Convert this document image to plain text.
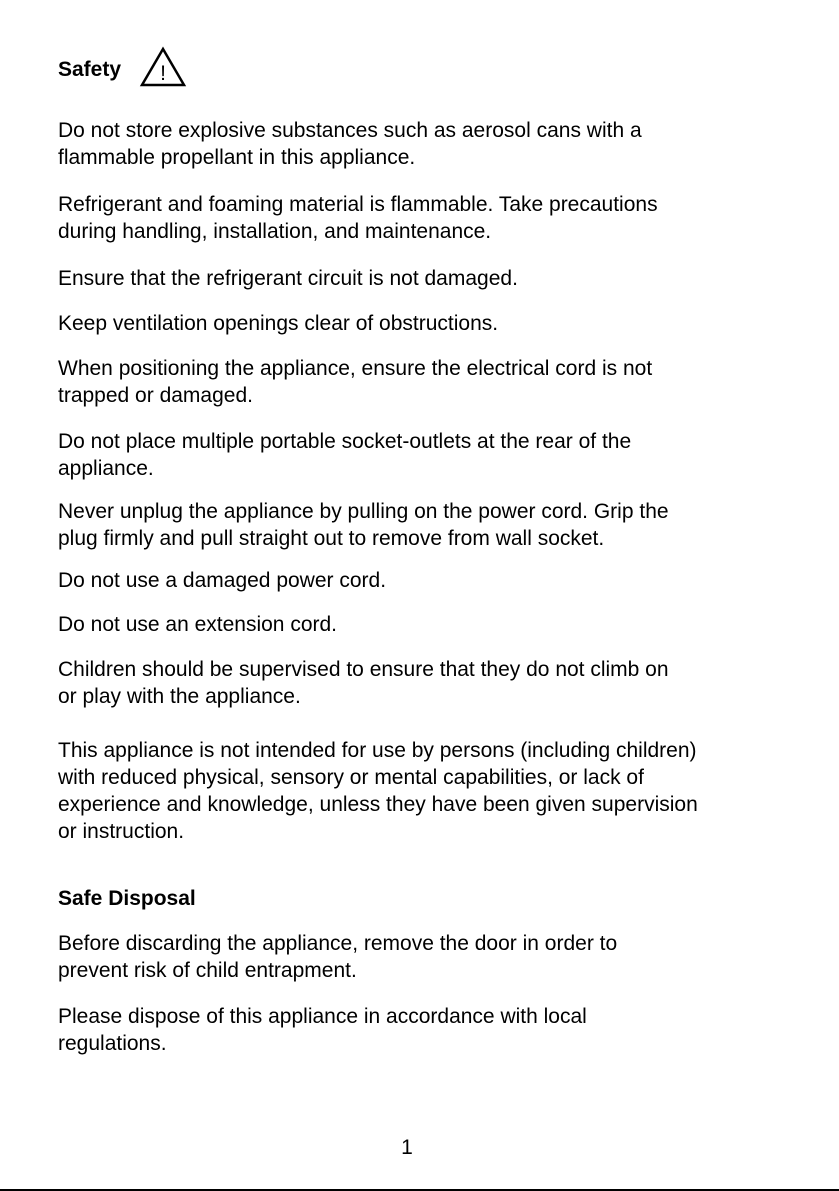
Safety !

Do not store explosive substances such as aerosol cans with a
flammable propellant in this appliance.

Refrigerant and foaming material is flammable. Take precautions
during handling, installation, and maintenance.

Ensure that the refrigerant circuit is not damaged.

Keep ventilation openings clear of obstructions.

When positioning the appliance, ensure the electrical cord is not
trapped or damaged.

Do not place multiple portable socket-outlets at the rear of the
appliance.

Never unplug the appliance by pulling on the power cord. Grip the
plug firmly and pull straight out to remove from wall socket.

Do not use a damaged power cord.

Do not use an extension cord.

Children should be supervised to ensure that they do not climb on
or play with the appliance.

This appliance is not intended for use by persons (including children)
with reduced physical, sensory or mental capabilities, or lack of
experience and knowledge, unless they have been given supervision
or instruction.

Safe Disposal

Before discarding the appliance, remove the door in order to
prevent risk of child entrapment.

Please dispose of this appliance in accordance with local
regulations.

1
